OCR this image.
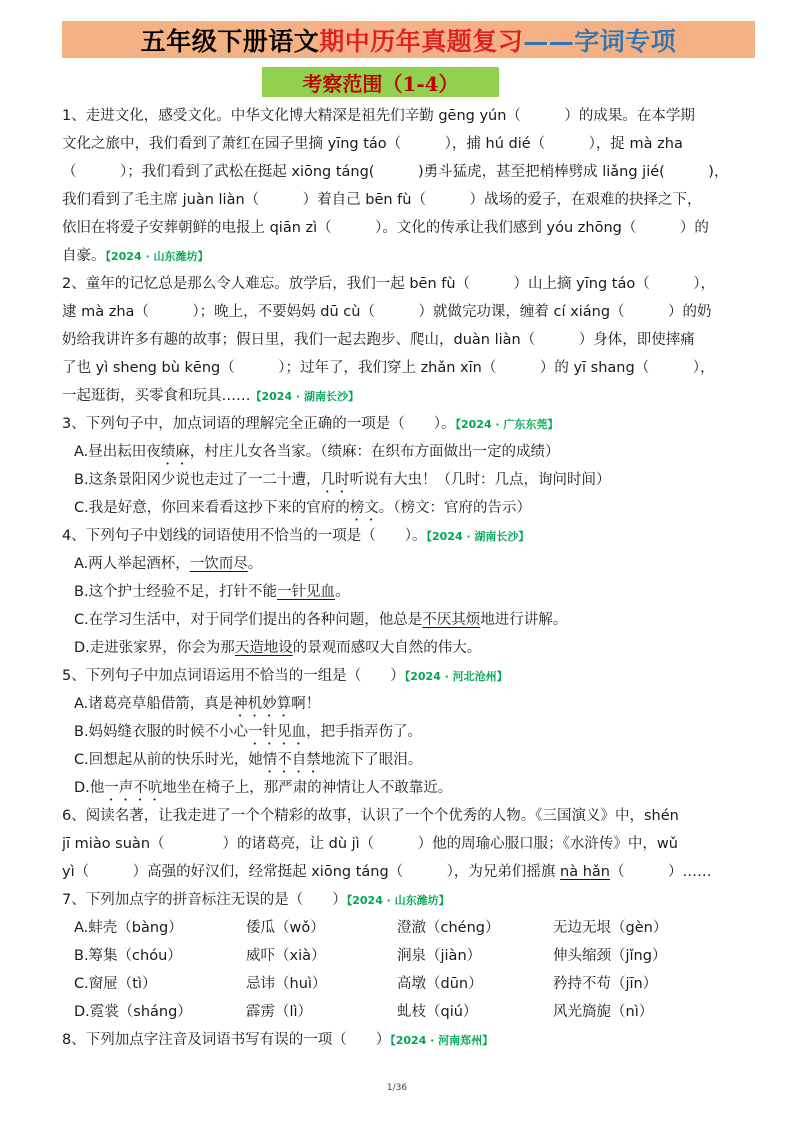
五年级下册语文 期中历年真题复习 ——字词专项
考察范围（1-4）
1、走进文化，感受文化。中华文化博大精深是祖先们辛勤 gēng yún（　　　）的成果。在本学期
文化之旅中，我们看到了萧红在园子里摘 yīng táo（　　　），捕 hú dié（　　　），捉 mà zha
（　　　）；我们看到了武松在挺起 xiōng táng(　　　)勇斗猛虎，甚至把梢棒劈成 liǎng jié(　　　)，
我们看到了毛主席 juàn liàn（　　　）着自己 bēn fù（　　　）战场的爱子，在艰难的抉择之下，
依旧在将爱子安葬朝鲜的电报上 qiān zì（　　　）。文化的传承让我们感到 yóu zhōng（　　　）的
自豪。【2024 · 山东潍坊】
2、童年的记忆总是那么令人难忘。放学后，我们一起 bēn fù（　　　）山上摘 yīng táo（　　　），
逮 mà zha（　　　）；晚上，不要妈妈 dū cù（　　　）就做完功课，缠着 cí xiáng（　　　）的奶
奶给我讲许多有趣的故事；假日里，我们一起去跑步、爬山，duàn liàn（　　　）身体，即使摔痛
了也 yì sheng bù kēng（　　　）；过年了，我们穿上 zhǎn xīn（　　　）的 yī shang（　　　），
一起逛街，买零食和玩具……【2024 · 湖南长沙】
3、下列句子中，加点词语的理解完全正确的一项是（　　）。【2024 · 广东东莞】
A.昼出耘田夜绩麻，村庄儿女各当家。（绩麻：在织布方面做出一定的成绩）
B.这条景阳冈少说也走过了一二十遭，几时听说有大虫！（几时：几点，询问时间）
C.我是好意，你回来看看这抄下来的官府的榜文。（榜文：官府的告示）
4、下列句子中划线的词语使用不恰当的一项是（　　）。【2024 · 湖南长沙】
A.两人举起酒杯，一饮而尽。
B.这个护士经验不足，打针不能一针见血。
C.在学习生活中，对于同学们提出的各种问题，他总是不厌其烦地进行讲解。
D.走进张家界，你会为那天造地设的景观而感叹大自然的伟大。
5、下列句子中加点词语运用不恰当的一组是（　　）【2024 · 河北沧州】
A.诸葛亮草船借箭，真是神机妙算啊！
B.妈妈缝衣服的时候不小心一针见血，把手指弄伤了。
C.回想起从前的快乐时光，她情不自禁地流下了眼泪。
D.他一声不吭地坐在椅子上，那严肃的神情让人不敢靠近。
6、阅读名著，让我走进了一个个精彩的故事，认识了一个个优秀的人物。《三国演义》中，shén
jī miào suàn（　　　　）的诸葛亮，让 dù jì（　　　）他的周瑜心服口服；《水浒传》中，wǔ
yì（　　　）高强的好汉们，经常挺起 xiōng táng（　　　），为兄弟们摇旗 nà hǎn（　　　）……
7、下列加点字的拼音标注无误的是（　　）【2024 · 山东潍坊】
A.蚌壳（bàng）	倭瓜（wǒ）	澄澈（chéng）	无边无垠（gèn）
B.筹集（chóu）	威吓（xià）	涧泉（jiàn）	伸头缩颈（jǐng）
C.窗屉（tì）	忌讳（huì）	高墩（dūn）	矜持不苟（jīn）
D.霓裳（sháng）	霹雳（lì）	虬枝（qiú）	风光旖旎（nì）
8、下列加点字注音及词语书写有误的一项（　　）【2024 · 河南郑州】
1/36
